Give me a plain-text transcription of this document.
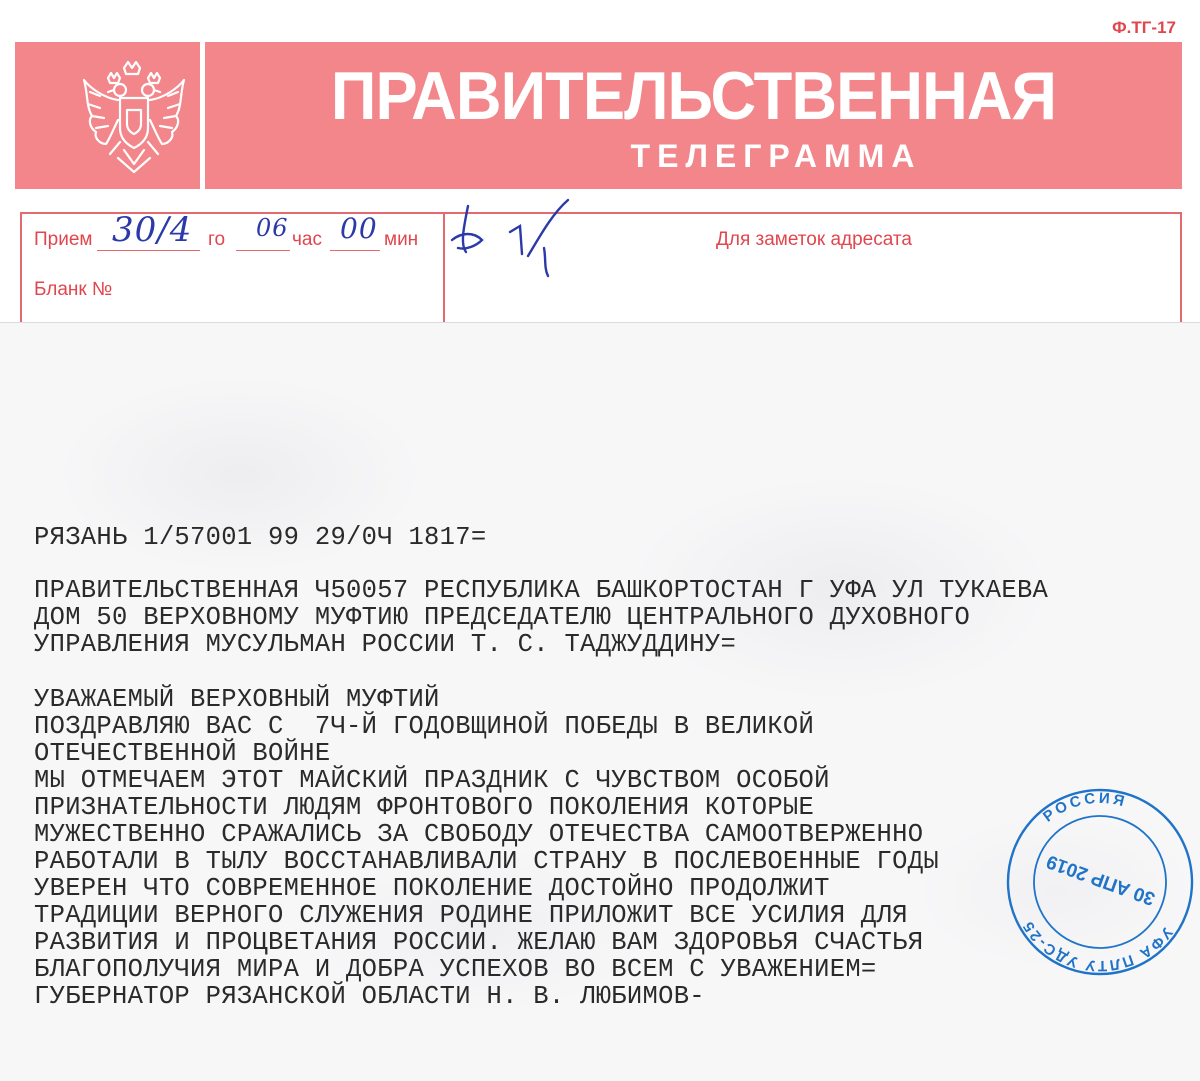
Ф.ТГ-17
ПРАВИТЕЛЬСТВЕННАЯ
ТЕЛЕГРАММА
Прием	го	час	мин
Бланк №
Для заметок адресата
30/4	06 00
РЯЗАНЬ 1/57001 99 29/0Ч 1817=
ПРАВИТЕЛЬСТВЕННАЯ Ч50057 РЕСПУБЛИКА БАШКОРТОСТАН Г УФА УЛ ТУКАЕВА
ДОМ 50 ВЕРХОВНОМУ МУФТИЮ ПРЕДСЕДАТЕЛЮ ЦЕНТРАЛЬНОГО ДУХОВНОГО
УПРАВЛЕНИЯ МУСУЛЬМАН РОССИИ Т. С. ТАДЖУДДИНУ=
УВАЖАЕМЫЙ ВЕРХОВНЫЙ МУФТИЙ
ПОЗДРАВЛЯЮ ВАС С  7Ч-Й ГОДОВЩИНОЙ ПОБЕДЫ В ВЕЛИКОЙ
ОТЕЧЕСТВЕННОЙ ВОЙНЕ
МЫ ОТМЕЧАЕМ ЭТОТ МАЙСКИЙ ПРАЗДНИК С ЧУВСТВОМ ОСОБОЙ
ПРИЗНАТЕЛЬНОСТИ ЛЮДЯМ ФРОНТОВОГО ПОКОЛЕНИЯ КОТОРЫЕ
МУЖЕСТВЕННО СРАЖАЛИСЬ ЗА СВОБОДУ ОТЕЧЕСТВА САМООТВЕРЖЕННО
РАБОТАЛИ В ТЫЛУ ВОССТАНАВЛИВАЛИ СТРАНУ В ПОСЛЕВОЕННЫЕ ГОДЫ
УВЕРЕН ЧТО СОВРЕМЕННОЕ ПОКОЛЕНИЕ ДОСТОЙНО ПРОДОЛЖИТ
ТРАДИЦИИ ВЕРНОГО СЛУЖЕНИЯ РОДИНЕ ПРИЛОЖИТ ВСЕ УСИЛИЯ ДЛЯ
РАЗВИТИЯ И ПРОЦВЕТАНИЯ РОССИИ. ЖЕЛАЮ ВАМ ЗДОРОВЬЯ СЧАСТЬЯ
БЛАГОПОЛУЧИЯ МИРА И ДОБРА УСПЕХОВ ВО ВСЕМ С УВАЖЕНИЕМ=
ГУБЕРНАТОР РЯЗАНСКОЙ ОБЛАСТИ Н. В. ЛЮБИМОВ-
УФА ПЛТУ УДС-25
РОССИЯ
30 АПР 2019
